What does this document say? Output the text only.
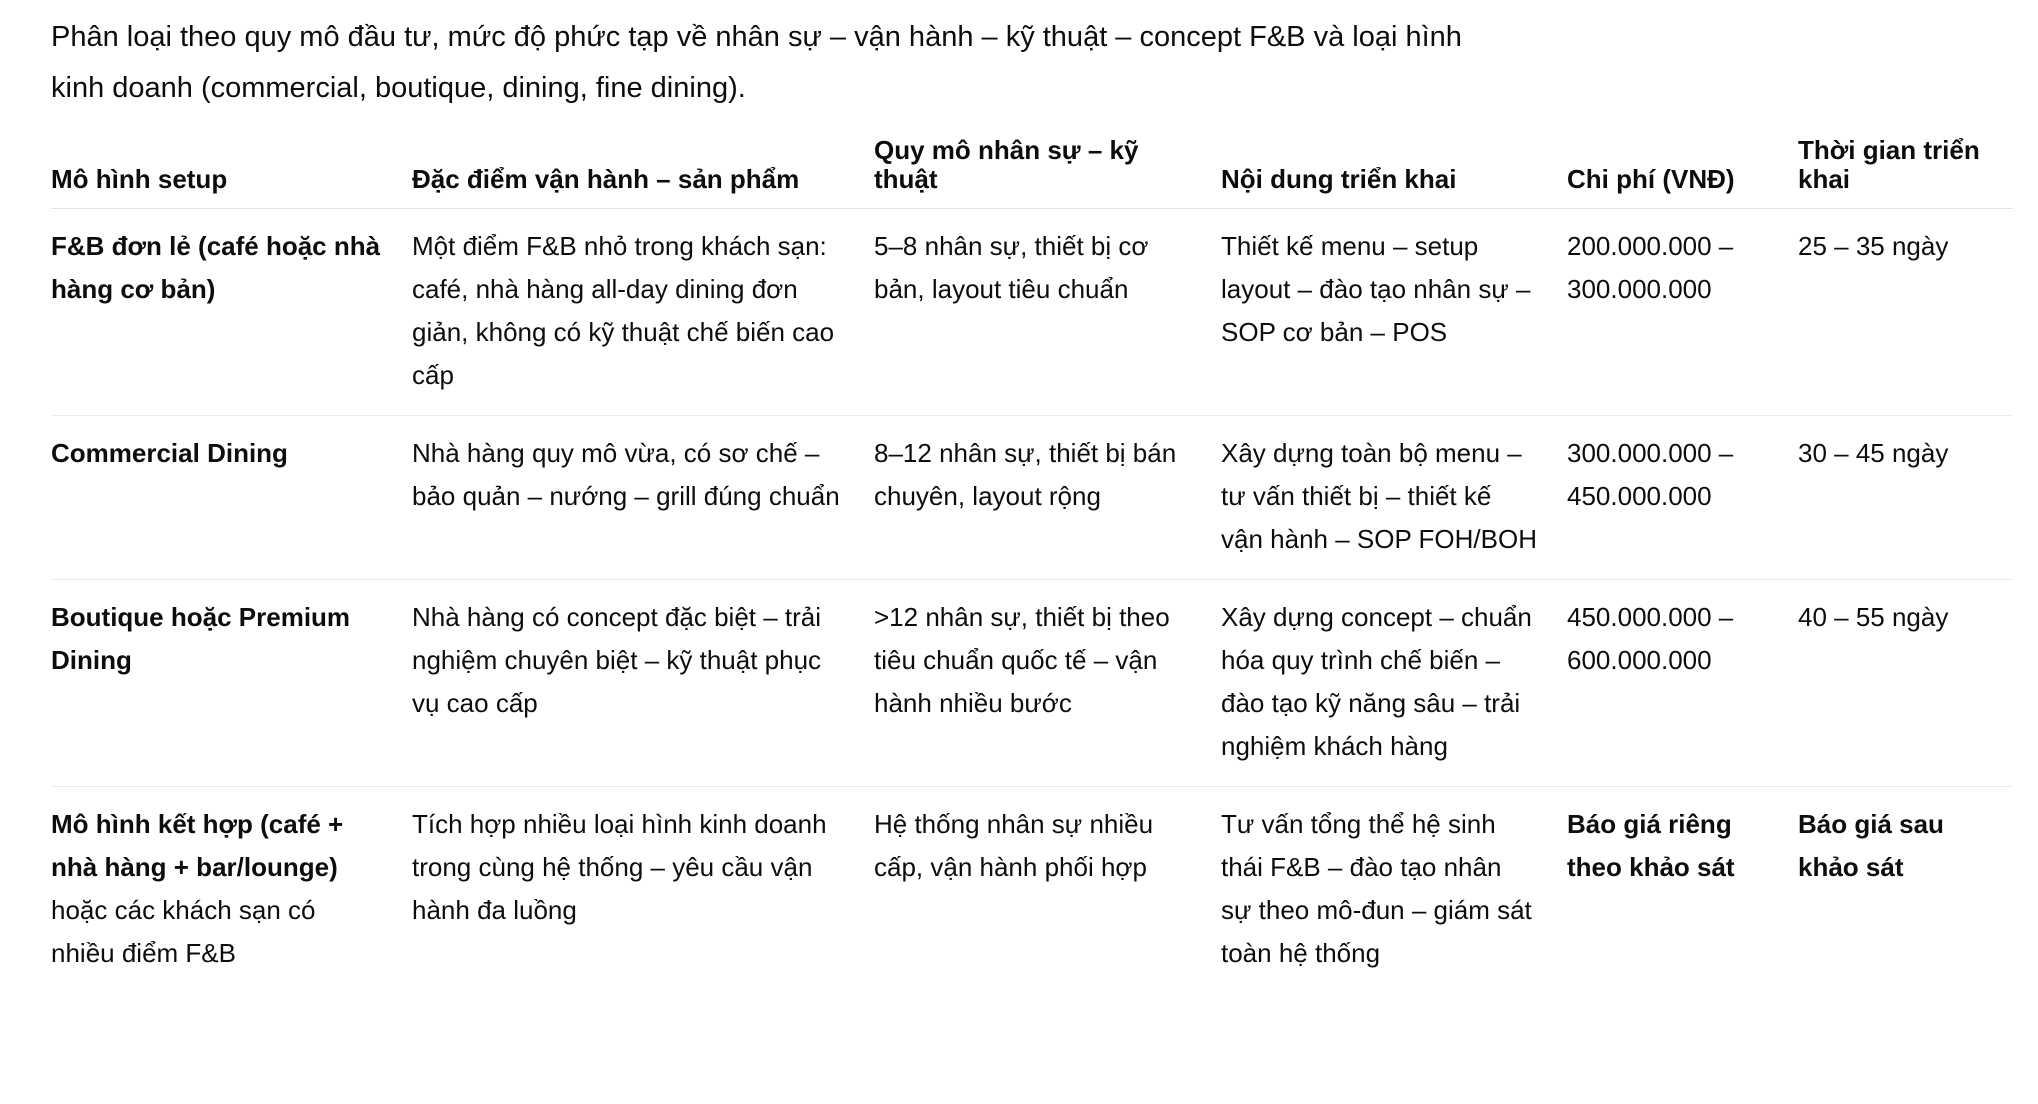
Phân loại theo quy mô đầu tư, mức độ phức tạp về nhân sự – vận hành – kỹ thuật – concept F&B và loại hình kinh doanh (commercial, boutique, dining, fine dining).

Mô hình setup	Đặc điểm vận hành – sản phẩm	Quy mô nhân sự – kỹ thuật	Nội dung triển khai	Chi phí (VNĐ)	Thời gian triển khai
F&B đơn lẻ (café hoặc nhà hàng cơ bản)	Một điểm F&B nhỏ trong khách sạn: café, nhà hàng all-day dining đơn giản, không có kỹ thuật chế biến cao cấp	5–8 nhân sự, thiết bị cơ bản, layout tiêu chuẩn	Thiết kế menu – setup layout – đào tạo nhân sự – SOP cơ bản – POS	200.000.000 – 300.000.000	25 – 35 ngày
Commercial Dining	Nhà hàng quy mô vừa, có sơ chế – bảo quản – nướng – grill đúng chuẩn	8–12 nhân sự, thiết bị bán chuyên, layout rộng	Xây dựng toàn bộ menu – tư vấn thiết bị – thiết kế vận hành – SOP FOH/BOH	300.000.000 – 450.000.000	30 – 45 ngày
Boutique hoặc Premium Dining	Nhà hàng có concept đặc biệt – trải nghiệm chuyên biệt – kỹ thuật phục vụ cao cấp	>12 nhân sự, thiết bị theo tiêu chuẩn quốc tế – vận hành nhiều bước	Xây dựng concept – chuẩn hóa quy trình chế biến – đào tạo kỹ năng sâu – trải nghiệm khách hàng	450.000.000 – 600.000.000	40 – 55 ngày
Mô hình kết hợp (café + nhà hàng + bar/lounge) hoặc các khách sạn có nhiều điểm F&B	Tích hợp nhiều loại hình kinh doanh trong cùng hệ thống – yêu cầu vận hành đa luồng	Hệ thống nhân sự nhiều cấp, vận hành phối hợp	Tư vấn tổng thể hệ sinh thái F&B – đào tạo nhân sự theo mô-đun – giám sát toàn hệ thống	Báo giá riêng theo khảo sát	Báo giá sau khảo sát
